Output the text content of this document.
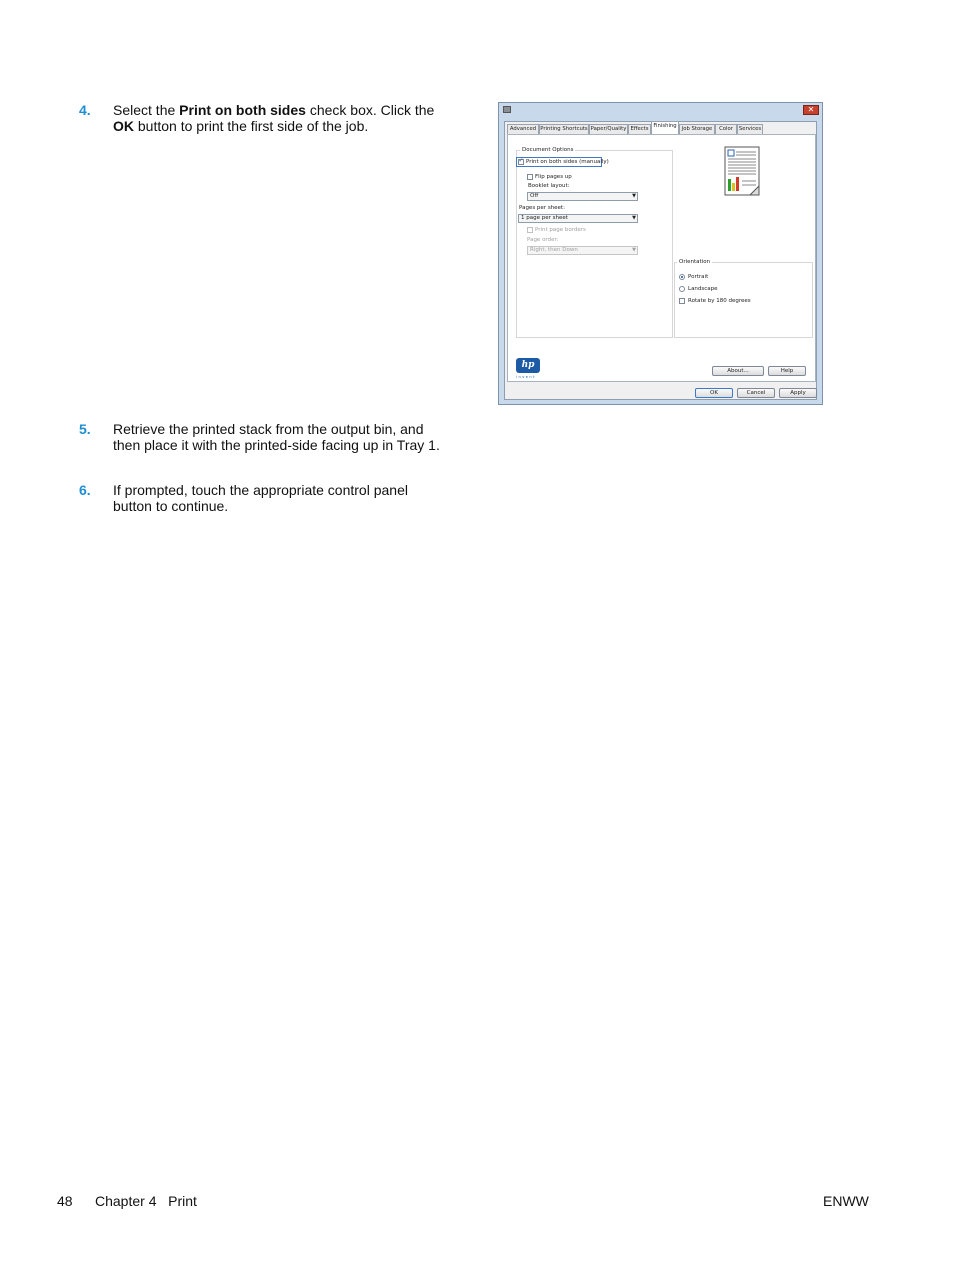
4. Select the Print on both sides check box. Click the OK button to print the first side of the job.
5. Retrieve the printed stack from the output bin, and then place it with the printed-side facing up in Tray 1.
6. If prompted, touch the appropriate control panel button to continue.
✕
Advanced Printing Shortcuts Paper/Quality Effects Finishing Job Storage	Color	Services
Document Options
✓
Print on both sides (manually)
Flip pages up
Booklet layout:
Off	▼
Pages per sheet:
1 page per sheet	▼
Print page borders
Page order:
Right, then Down	▼
Orientation
Portrait
Landscape
Rotate by 180 degrees
About...	Help
hp
invent
OK	Cancel	Apply
48 Chapter 4   Print	ENWW
